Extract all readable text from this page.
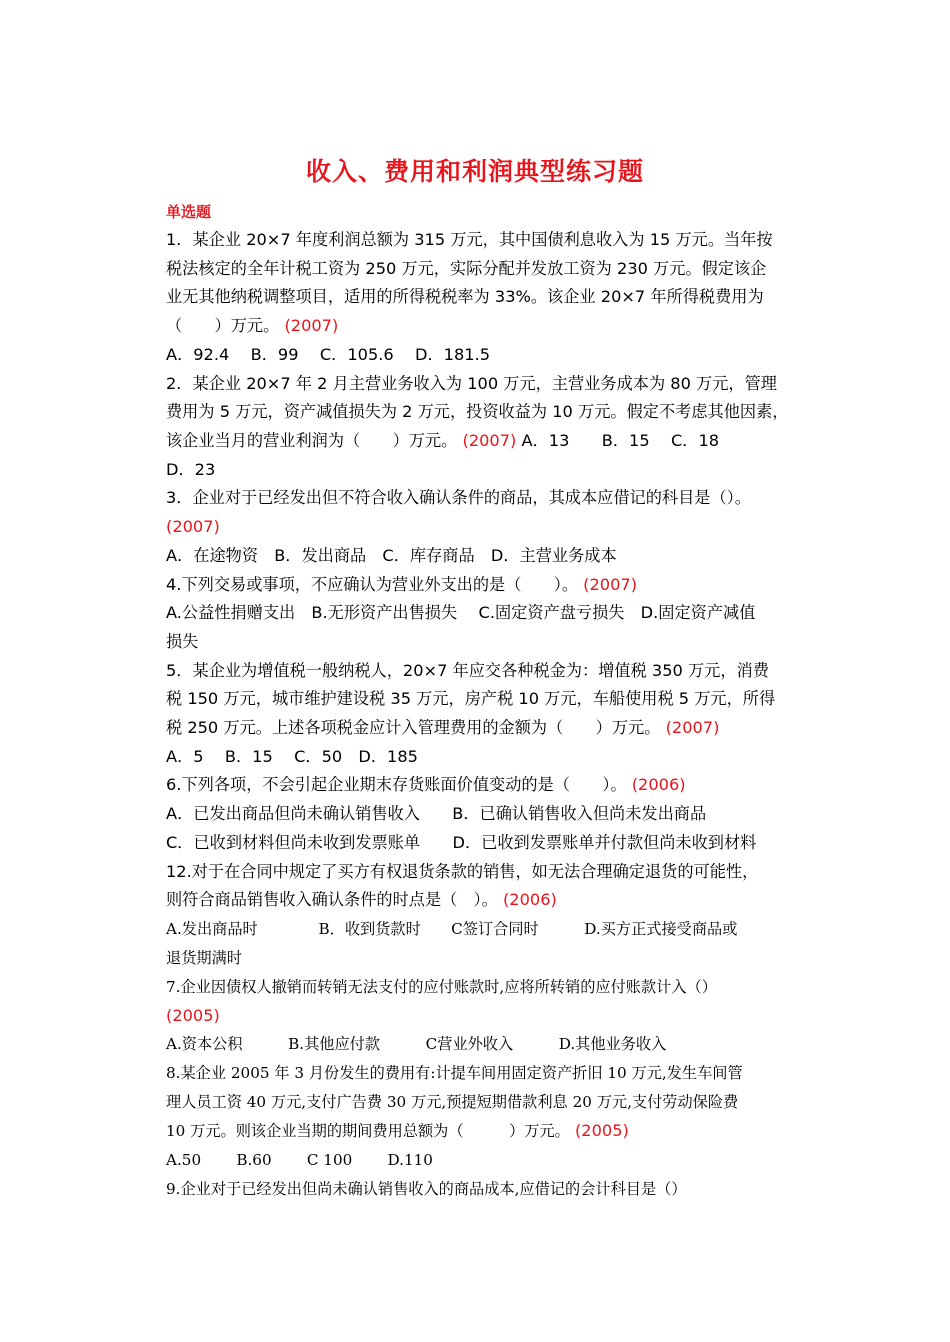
收入、费用和利润典型练习题
单选题
1．某企业 20×7 年度利润总额为 315 万元，其中国债利息收入为 15 万元。当年按
税法核定的全年计税工资为 250 万元，实际分配并发放工资为 230 万元。假定该企
业无其他纳税调整项目，适用的所得税税率为 33%。该企业 20×7 年所得税费用为
（　　）万元。 (2007)
A．92.4　 B．99　 C．105.6　 D．181.5
2．某企业 20×7 年 2 月主营业务收入为 100 万元，主营业务成本为 80 万元，管理
费用为 5 万元，资产减值损失为 2 万元，投资收益为 10 万元。假定不考虑其他因素，
该企业当月的营业利润为（　　）万元。 (2007) A．13　　B．15　 C．18
D．23
3．企业对于已经发出但不符合收入确认条件的商品，其成本应借记的科目是（）。
(2007)
A．在途物资　B．发出商品　C．库存商品　D．主营业务成本
4.下列交易或事项，不应确认为营业外支出的是（　　）。 (2007)
A.公益性捐赠支出　B.无形资产出售损失　 C.固定资产盘亏损失　D.固定资产减值
损失
5．某企业为增值税一般纳税人，20×7 年应交各种税金为：增值税 350 万元，消费
税 150 万元，城市维护建设税 35 万元，房产税 10 万元，车船使用税 5 万元，所得
税 250 万元。上述各项税金应计入管理费用的金额为（　　）万元。 (2007)
A．5　 B．15　 C．50　D．185
6.下列各项，不会引起企业期末存货账面价值变动的是（　　）。 (2006)
A．已发出商品但尚未确认销售收入　　B．已确认销售收入但尚未发出商品
C．已收到材料但尚未收到发票账单　　D．已收到发票账单并付款但尚未收到材料
12.对于在合同中规定了买方有权退货条款的销售，如无法合理确定退货的可能性，
则符合商品销售收入确认条件的时点是（　）。 (2006)
A.发出商品时　　　　B．收到货款时　　C签订合同时　　　D.买方正式接受商品或
退货期满时
7.企业因债权人撤销而转销无法支付的应付账款时,应将所转销的应付账款计入（）
(2005)
A.资本公积　　　B.其他应付款　　　C营业外收入　　　D.其他业务收入
8.某企业 2005 年 3 月份发生的费用有:计提车间用固定资产折旧 10 万元,发生车间管
理人员工资 40 万元,支付广告费 30 万元,预提短期借款利息 20 万元,支付劳动保险费
10 万元。则该企业当期的期间费用总额为（　　　）万元。 (2005)
A.50　　 B.60　　 C 100　　 D.110
9.企业对于已经发出但尚未确认销售收入的商品成本,应借记的会计科目是（）
